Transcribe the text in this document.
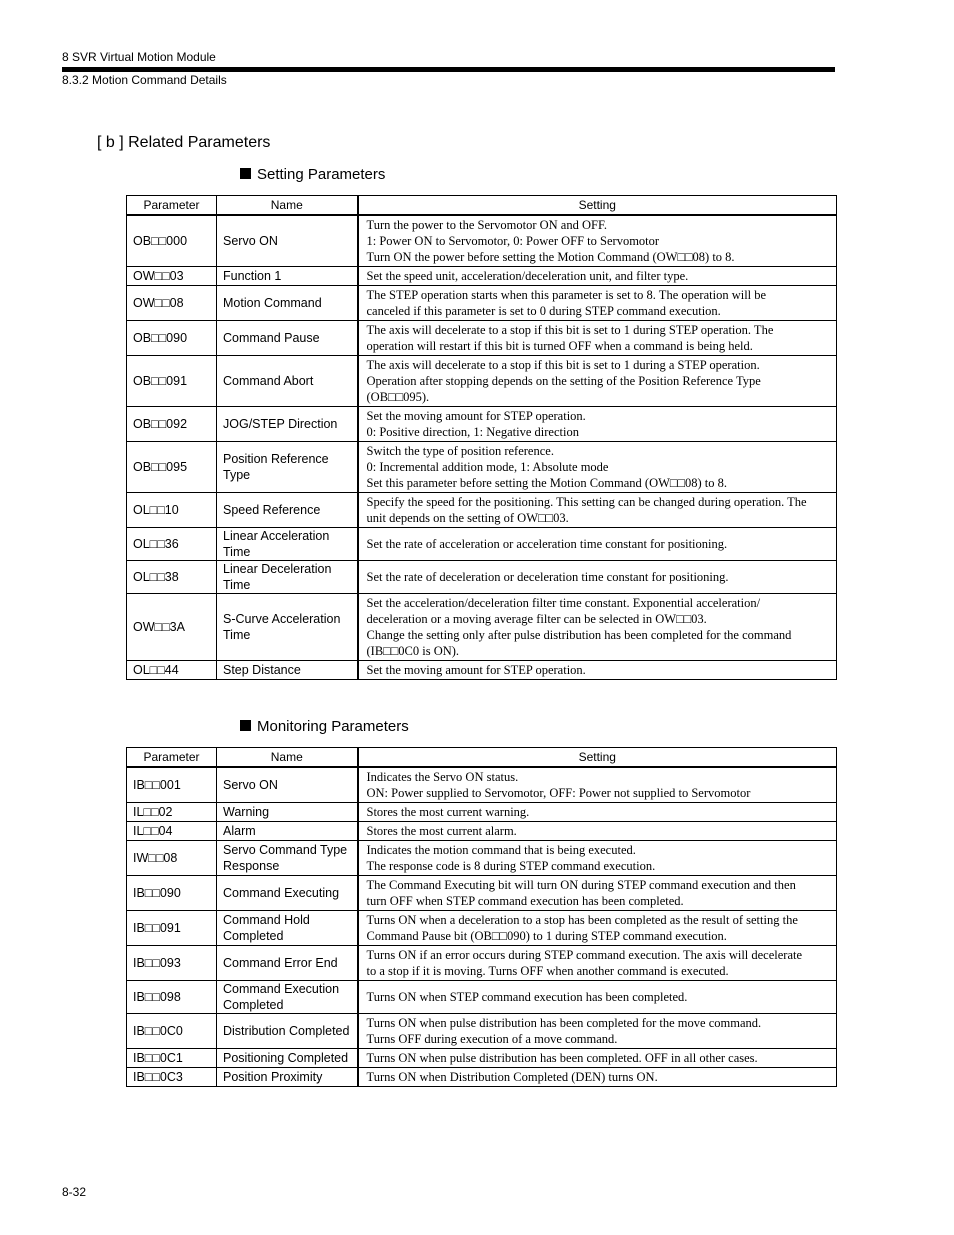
8 SVR Virtual Motion Module
8.3.2 Motion Command Details
[ b ] Related Parameters
Setting Parameters
Parameter	Name	Setting
OB□□000	Servo ON	Turn the power to the Servomotor ON and OFF.
1: Power ON to Servomotor, 0: Power OFF to Servomotor
Turn ON the power before setting the Motion Command (OW□□08) to 8.

OW□□03	Function 1	Set the speed unit, acceleration/deceleration unit, and filter type.

OW□□08	Motion Command	The STEP operation starts when this parameter is set to 8. The operation will be
canceled if this parameter is set to 0 during STEP command execution.

OB□□090	Command Pause	The axis will decelerate to a stop if this bit is set to 1 during STEP operation. The
operation will restart if this bit is turned OFF when a command is being held.

OB□□091	Command Abort	The axis will decelerate to a stop if this bit is set to 1 during a STEP operation.
Operation after stopping depends on the setting of the Position Reference Type
(OB□□095).

OB□□092	JOG/STEP Direction	Set the moving amount for STEP operation.
0: Positive direction, 1: Negative direction

OB□□095	Position Reference Type	Switch the type of position reference.
0: Incremental addition mode, 1: Absolute mode
Set this parameter before setting the Motion Command (OW□□08) to 8.

OL□□10	Speed Reference	Specify the speed for the positioning. This setting can be changed during operation. The
unit depends on the setting of OW□□03.

OL□□36	Linear Acceleration Time	Set the rate of acceleration or acceleration time constant for positioning.

OL□□38	Linear Deceleration Time	Set the rate of deceleration or deceleration time constant for positioning.

OW□□3A	S-Curve Acceleration Time	Set the acceleration/deceleration filter time constant. Exponential acceleration/
deceleration or a moving average filter can be selected in OW□□03.
Change the setting only after pulse distribution has been completed for the command
(IB□□0C0 is ON).

OL□□44	Step Distance	Set the moving amount for STEP operation.
Monitoring Parameters
Parameter	Name	Setting
IB□□001	Servo ON	Indicates the Servo ON status.
ON: Power supplied to Servomotor, OFF: Power not supplied to Servomotor

IL□□02	Warning	Stores the most current warning.

IL□□04	Alarm	Stores the most current alarm.

IW□□08	Servo Command Type Response	Indicates the motion command that is being executed.
The response code is 8 during STEP command execution.

IB□□090	Command Executing	The Command Executing bit will turn ON during STEP command execution and then
turn OFF when STEP command execution has been completed.

IB□□091	Command Hold Completed	Turns ON when a deceleration to a stop has been completed as the result of setting the
Command Pause bit (OB□□090) to 1 during STEP command execution.

IB□□093	Command Error End	Turns ON if an error occurs during STEP command execution. The axis will decelerate
to a stop if it is moving. Turns OFF when another command is executed.

IB□□098	Command Execution Completed	Turns ON when STEP command execution has been completed.

IB□□0C0	Distribution Completed	Turns ON when pulse distribution has been completed for the move command.
Turns OFF during execution of a move command.

IB□□0C1	Positioning Completed	Turns ON when pulse distribution has been completed. OFF in all other cases.

IB□□0C3	Position Proximity	Turns ON when Distribution Completed (DEN) turns ON.
8-32
